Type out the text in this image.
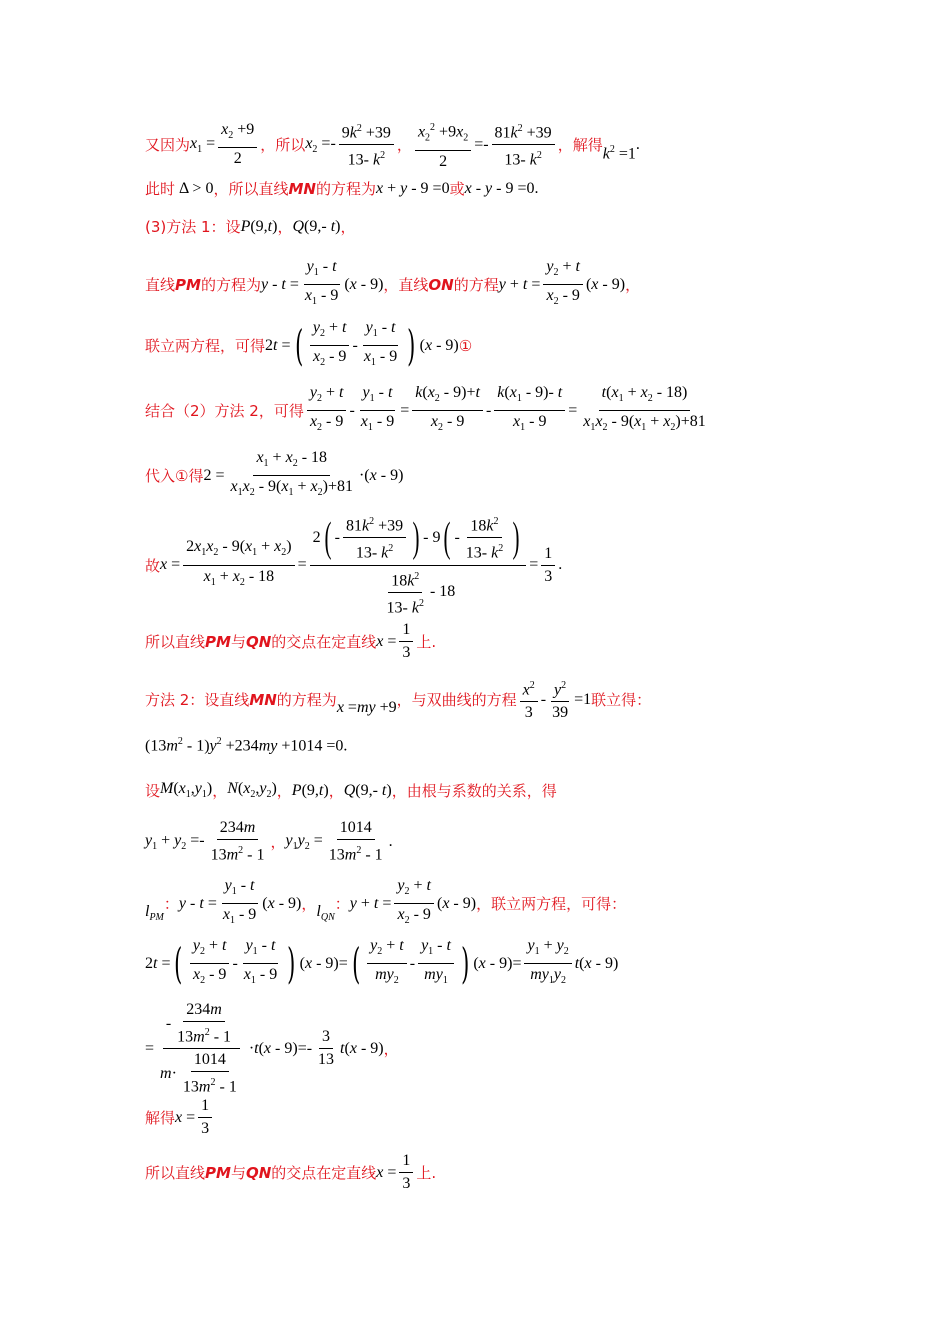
又因为 $x_1 = \frac{x_2 +9}{2}$ ，所以 $x_2 =- \frac{9k^2 +39}{13- k^2}$ ， $\frac{x_2^2 +9x_2}{2} =- \frac{81k^2 +39}{13- k^2}$ ，解得 $k^2 =1$
.
此时 Δ > 0 ，所以直线 MN 的方程为 x + y - 9 =0 或 x - y - 9 =0.
(3)方法 1：设 P(9,t) ， Q(9,- t) ，
直线 PM 的方程为 $y - t = \frac{y_1 - t}{x_1 - 9} (x - 9)$ ，直线 ON 的方程 $y + t = \frac{y_2 + t}{x_2 - 9} (x - 9)$ ，
联立两方程，可得 2t = ( $\frac{y_2 + t}{x_2 - 9} - \frac{y_1 - t}{x_1 - 9}$ ) (x - 9) ①
结合（2）方法 2，可得 $\frac{y_2 + t}{x_2 - 9} - \frac{y_1 - t}{x_1 - 9} = \frac{k(x_2 - 9)+t}{x_2 - 9} - \frac{k(x_1 - 9)- t}{x_1 - 9} = \frac{t(x_1 + x_2 - 18)}{x_1x_2 - 9(x_1 + x_2)+81}$
代入①得 $2 = \frac{x_1 + x_2 - 18}{x_1x_2 - 9(x_1 + x_2)+81} \cdot(x - 9)$
故 $x = \frac{2x_1x_2 - 9(x_1 + x_2)}{x_1 + x_2 - 18} = \frac{2 ( - \frac{81k^2 +39}{13- k^2} ) - 9 ( - \frac{18k^2}{13- k^2} )}{\frac{18k^2}{13- k^2} - 18} = \frac{1}{3}$ .
所以直线 PM 与 QN 的交点在定直线 $x = \frac{1}{3}$ 上.
方法 2：设直线 MN 的方程为 x =my +9 ，与双曲线的方程 $\frac{x^2}{3} - \frac{y^2}{39} =1$ 联立得：
$(13m^2 - 1)y^2 +234my +1014 =0$.
设 $M(x_1,y_1)$ ， $N(x_2,y_2)$ ， P(9,t) ， Q(9,- t) ，由根与系数的关系，得
$y_1 + y_2 =- \frac{234m}{13m^2 - 1}$ ， $y_1y_2 = \frac{1014}{13m^2 - 1}$ .
$l_{PM}$
： $y - t = \frac{y_1 - t}{x_1 - 9} (x - 9)$ ， $l_{QN}$
： $y + t = \frac{y_2 + t}{x_2 - 9} (x - 9)$ ，联立两方程，可得：
2t = ( $\frac{y_2 + t}{x_2 - 9} - \frac{y_1 - t}{x_1 - 9}$ ) (x - 9)= ( $\frac{y_2 + t}{my_2} - \frac{y_1 - t}{my_1}$ ) $(x - 9)= \frac{y_1 + y_2}{my_1y_2} t(x - 9)$
= $\frac{- \frac{234m}{13m^2 - 1}}{m \cdot \frac{1014}{13m^2 - 1}} \cdot t(x - 9)=- \frac{3}{13} t(x - 9)$ ，
解得 $x = \frac{1}{3}$
所以直线 PM 与 QN 的交点在定直线 $x = \frac{1}{3}$ 上.
